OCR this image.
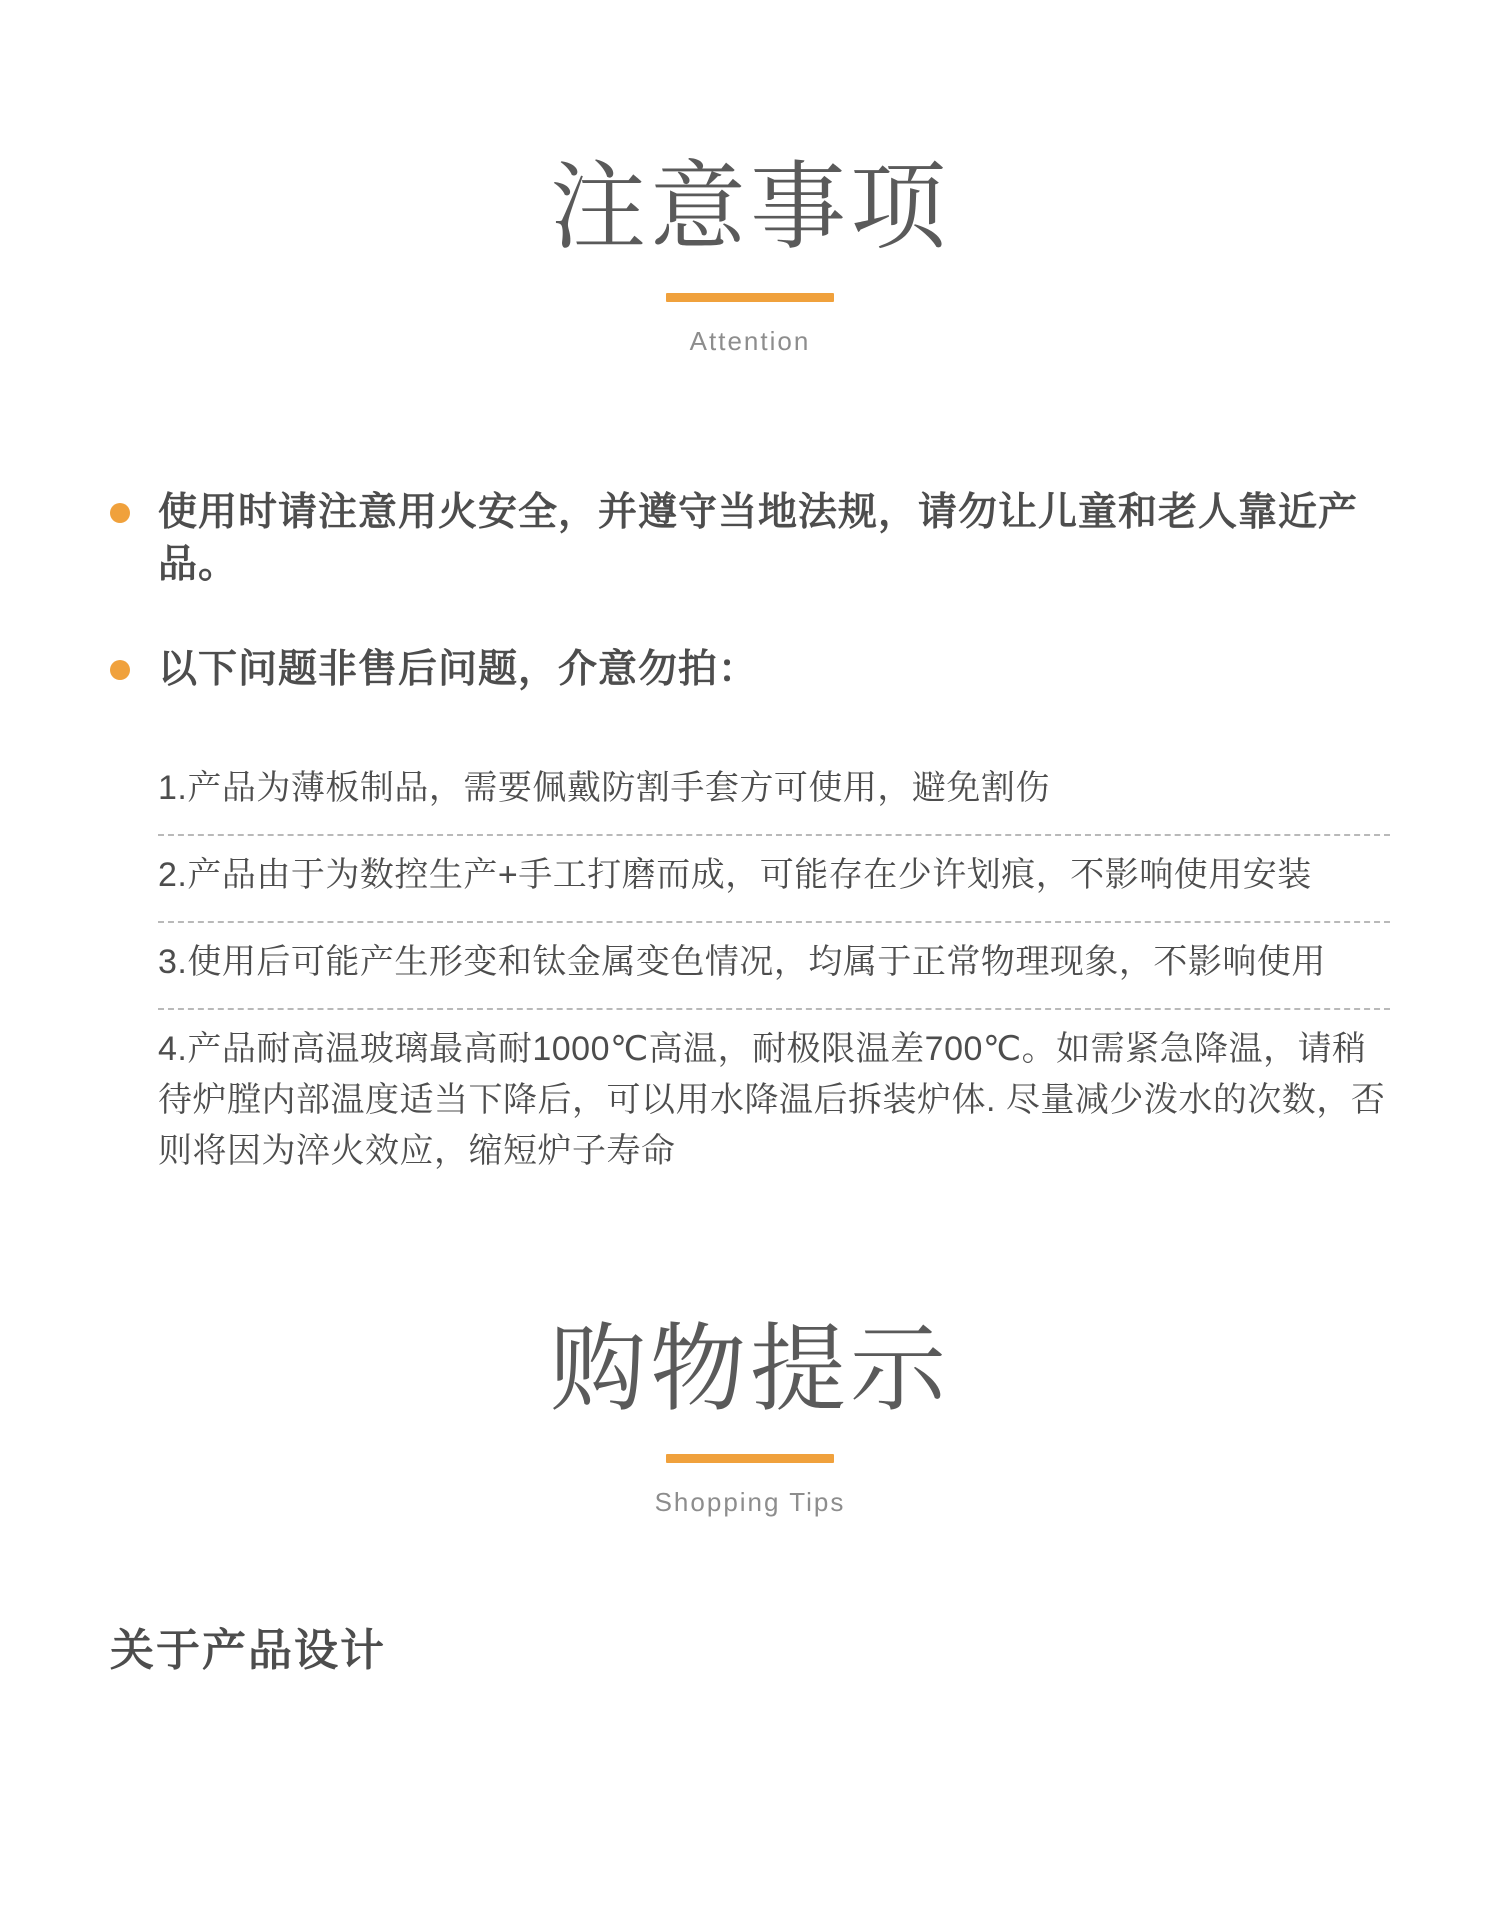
注意事项
Attention
使用时请注意用火安全，并遵守当地法规，请勿让儿童和老人靠近产品。
以下问题非售后问题，介意勿拍：
1.产品为薄板制品，需要佩戴防割手套方可使用，避免割伤
2.产品由于为数控生产+手工打磨而成，可能存在少许划痕，不影响使用安装
3.使用后可能产生形变和钛金属变色情况，均属于正常物理现象，不影响使用
4.产品耐高温玻璃最高耐1000℃高温，耐极限温差700℃。如需紧急降温，请稍待炉膛内部温度适当下降后，可以用水降温后拆装炉体. 尽量减少泼水的次数，否则将因为淬火效应，缩短炉子寿命
购物提示
Shopping Tips
关于产品设计
